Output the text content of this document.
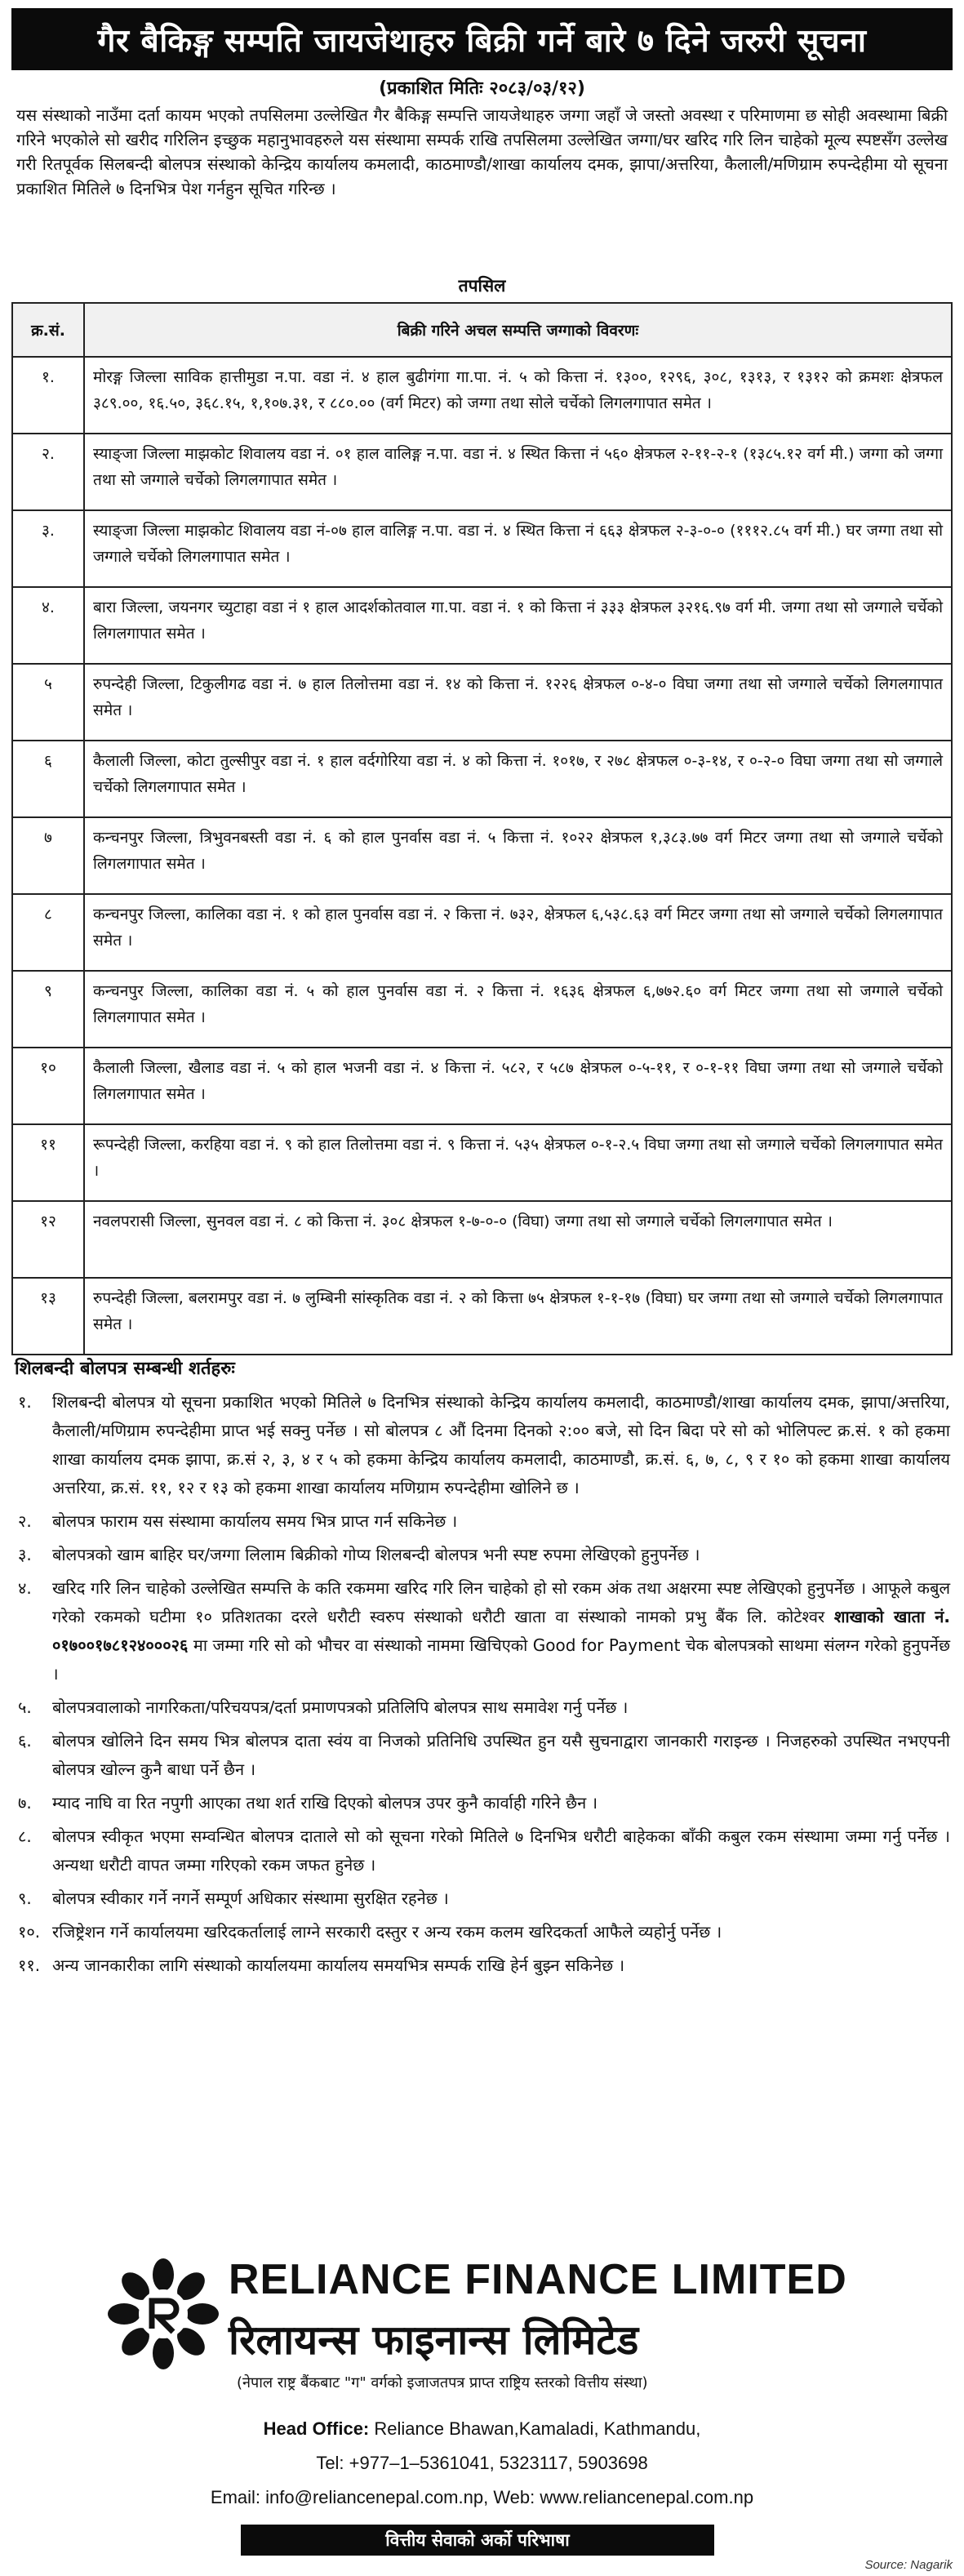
गैर बैकिङ्ग सम्पति जायजेथाहरु बिक्री गर्ने बारे ७ दिने जरुरी सूचना
(प्रकाशित मितिः २०८३/०३/१२)
यस संस्थाको नाउँमा दर्ता कायम भएको तपसिलमा उल्लेखित गैर बैकिङ्ग सम्पत्ति जायजेथाहरु जग्गा जहाँ जे जस्तो अवस्था र परिमाणमा छ सोही अवस्थामा बिक्री गरिने भएकोले सो खरीद गरिलिन इच्छुक महानुभावहरुले यस संस्थामा सम्पर्क राखि तपसिलमा उल्लेखित जग्गा/घर खरिद गरि लिन चाहेको मूल्य स्पष्टसँग उल्लेख गरी रितपूर्वक सिलबन्दी बोलपत्र संस्थाको केन्द्रिय कार्यालय कमलादी, काठमाण्डौ/शाखा कार्यालय दमक, झापा/अत्तरिया, कैलाली/मणिग्राम रुपन्देहीमा यो सूचना प्रकाशित मितिले ७ दिनभित्र पेश गर्नहुन सूचित गरिन्छ ।
तपसिल
क्र.सं.	बिक्री गरिने अचल सम्पत्ति जग्गाको विवरणः
१.	मोरङ्ग जिल्ला साविक हात्तीमुडा न.पा. वडा नं. ४ हाल बुढीगंगा गा.पा. नं. ५ को कित्ता नं. १३००, १२९६, ३०८, १३१३, र १३१२ को क्रमशः क्षेत्रफल ३८९.००, १६.५०, ३६८.१५, १,१०७.३१, र ८८०.०० (वर्ग मिटर) को जग्गा तथा सोले चर्चेको लिगलगापात समेत ।
२.	स्याङ्जा जिल्ला माझकोट शिवालय वडा नं. ०१ हाल वालिङ्ग न.पा. वडा नं. ४ स्थित कित्ता नं ५६० क्षेत्रफल २-११-२-१ (१३८५.१२ वर्ग मी.) जग्गा को जग्गा तथा सो जग्गाले चर्चेको लिगलगापात समेत ।
३.	स्याङ्जा जिल्ला माझकोट शिवालय वडा नं-०७ हाल वालिङ्ग न.पा. वडा नं. ४ स्थित कित्ता नं ६६३ क्षेत्रफल २-३-०-० (१११२.८५ वर्ग मी.) घर जग्गा तथा सो जग्गाले चर्चेको लिगलगापात समेत ।
४.	बारा जिल्ला, जयनगर च्युटाहा वडा नं १ हाल आदर्शकोतवाल गा.पा. वडा नं. १ को कित्ता नं ३३३ क्षेत्रफल ३२१६.९७ वर्ग मी. जग्गा तथा सो जग्गाले चर्चेको लिगलगापात समेत ।
५	रुपन्देही जिल्ला, टिकुलीगढ वडा नं. ७ हाल तिलोत्तमा वडा नं. १४ को कित्ता नं. १२२६ क्षेत्रफल ०-४-० विघा जग्गा तथा सो जग्गाले चर्चेको लिगलगापात समेत ।
६	कैलाली जिल्ला, कोटा तुल्सीपुर वडा नं. १ हाल वर्दगोरिया वडा नं. ४ को कित्ता नं. १०१७, र २७८ क्षेत्रफल ०-३-१४, र ०-२-० विघा जग्गा तथा सो जग्गाले चर्चेको लिगलगापात समेत ।
७	कन्चनपुर जिल्ला, त्रिभुवनबस्ती वडा नं. ६ को हाल पुनर्वास वडा नं. ५ कित्ता नं. १०२२ क्षेत्रफल १,३८३.७७ वर्ग मिटर जग्गा तथा सो जग्गाले चर्चेको लिगलगापात समेत ।
८	कन्चनपुर जिल्ला, कालिका वडा नं. १ को हाल पुनर्वास वडा नं. २ कित्ता नं. ७३२, क्षेत्रफल ६,५३८.६३ वर्ग मिटर जग्गा तथा सो जग्गाले चर्चेको लिगलगापात समेत ।
९	कन्चनपुर जिल्ला, कालिका वडा नं. ५ को हाल पुनर्वास वडा नं. २ कित्ता नं. १६३६ क्षेत्रफल ६,७७२.६० वर्ग मिटर जग्गा तथा सो जग्गाले चर्चेको लिगलगापात समेत ।
१०	कैलाली जिल्ला, खैलाड वडा नं. ५ को हाल भजनी वडा नं. ४ कित्ता नं. ५८२, र ५८७ क्षेत्रफल ०-५-११, र ०-१-११ विघा जग्गा तथा सो जग्गाले चर्चेको लिगलगापात समेत ।
११	रूपन्देही जिल्ला, करहिया वडा नं. ९ को हाल तिलोत्तमा वडा नं. ९ कित्ता नं. ५३५ क्षेत्रफल ०-१-२.५ विघा जग्गा तथा सो जग्गाले चर्चेको लिगलगापात समेत ।
१२	नवलपरासी जिल्ला, सुनवल वडा नं. ८ को कित्ता नं. ३०८ क्षेत्रफल १-७-०-० (विघा) जग्गा तथा सो जग्गाले चर्चेको लिगलगापात समेत ।
१३	रुपन्देही जिल्ला, बलरामपुर वडा नं. ७ लुम्बिनी सांस्कृतिक वडा नं. २ को कित्ता ७५ क्षेत्रफल १-१-१७ (विघा) घर जग्गा तथा सो जग्गाले चर्चेको लिगलगापात समेत ।
शिलबन्दी बोलपत्र सम्बन्धी शर्तहरुः
१. शिलबन्दी बोलपत्र यो सूचना प्रकाशित भएको मितिले ७ दिनभित्र संस्थाको केन्द्रिय कार्यालय कमलादी, काठमाण्डौ/शाखा कार्यालय दमक, झापा/अत्तरिया, कैलाली/मणिग्राम रुपन्देहीमा प्राप्त भई सक्नु पर्नेछ । सो बोलपत्र ८ औं दिनमा दिनको २:०० बजे, सो दिन बिदा परे सो को भोलिपल्ट क्र.सं. १ को हकमा शाखा कार्यालय दमक झापा, क्र.सं २, ३, ४ र ५ को हकमा केन्द्रिय कार्यालय कमलादी, काठमाण्डौ, क्र.सं. ६, ७, ८, ९ र १० को हकमा शाखा कार्यालय अत्तरिया, क्र.सं. ११, १२ र १३ को हकमा शाखा कार्यालय मणिग्राम रुपन्देहीमा खोलिने छ ।
२. बोलपत्र फाराम यस संस्थामा कार्यालय समय भित्र प्राप्त गर्न सकिनेछ ।
३. बोलपत्रको खाम बाहिर घर/जग्गा लिलाम बिक्रीको गोप्य शिलबन्दी बोलपत्र भनी स्पष्ट रुपमा लेखिएको हुनुपर्नेछ ।
४. खरिद गरि लिन चाहेको उल्लेखित सम्पत्ति के कति रकममा खरिद गरि लिन चाहेको हो सो रकम अंक तथा अक्षरमा स्पष्ट लेखिएको हुनुपर्नेछ । आफूले कबुल गरेको रकमको घटीमा १० प्रतिशतका दरले धरौटी स्वरुप संस्थाको धरौटी खाता वा संस्थाको नामको प्रभु बैंक लि. कोटेश्वर शाखाको खाता नं. ०१७००१७८१२४०००२६ मा जम्मा गरि सो को भौचर वा संस्थाको नाममा खिचिएको Good for Payment चेक बोलपत्रको साथमा संलग्न गरेको हुनुपर्नेछ ।
५. बोलपत्रवालाको नागरिकता/परिचयपत्र/दर्ता प्रमाणपत्रको प्रतिलिपि बोलपत्र साथ समावेश गर्नु पर्नेछ ।
६. बोलपत्र खोलिने दिन समय भित्र बोलपत्र दाता स्वंय वा निजको प्रतिनिधि उपस्थित हुन यसै सुचनाद्वारा जानकारी गराइन्छ । निजहरुको उपस्थित नभएपनी बोलपत्र खोल्न कुनै बाधा पर्ने छैन ।
७. म्याद नाघि वा रित नपुगी आएका तथा शर्त राखि दिएको बोलपत्र उपर कुनै कार्वाही गरिने छैन ।
८. बोलपत्र स्वीकृत भएमा सम्वन्धित बोलपत्र दाताले सो को सूचना गरेको मितिले ७ दिनभित्र धरौटी बाहेकका बाँकी कबुल रकम संस्थामा जम्मा गर्नु पर्नेछ । अन्यथा धरौटी वापत जम्मा गरिएको रकम जफत हुनेछ ।
९. बोलपत्र स्वीकार गर्ने नगर्ने सम्पूर्ण अधिकार संस्थामा सुरक्षित रहनेछ ।
१०. रजिष्ट्रेशन गर्ने कार्यालयमा खरिदकर्तालाई लाग्ने सरकारी दस्तुर र अन्य रकम कलम खरिदकर्ता आफैले व्यहोर्नु पर्नेछ ।
११. अन्य जानकारीका लागि संस्थाको कार्यालयमा कार्यालय समयभित्र सम्पर्क राखि हेर्न बुझ्न सकिनेछ ।
RELIANCE FINANCE LIMITED
रिलायन्स फाइनान्स लिमिटेड
(नेपाल राष्ट्र बैंकबाट "ग" वर्गको इजाजतपत्र प्राप्त राष्ट्रिय स्तरको वित्तीय संस्था)
Head Office: Reliance Bhawan,Kamaladi, Kathmandu,
Tel: +977–1–5361041, 5323117, 5903698
Email: info@reliancenepal.com.np, Web: www.reliancenepal.com.np
वित्तीय सेवाको अर्को परिभाषा
Source: Nagarik
